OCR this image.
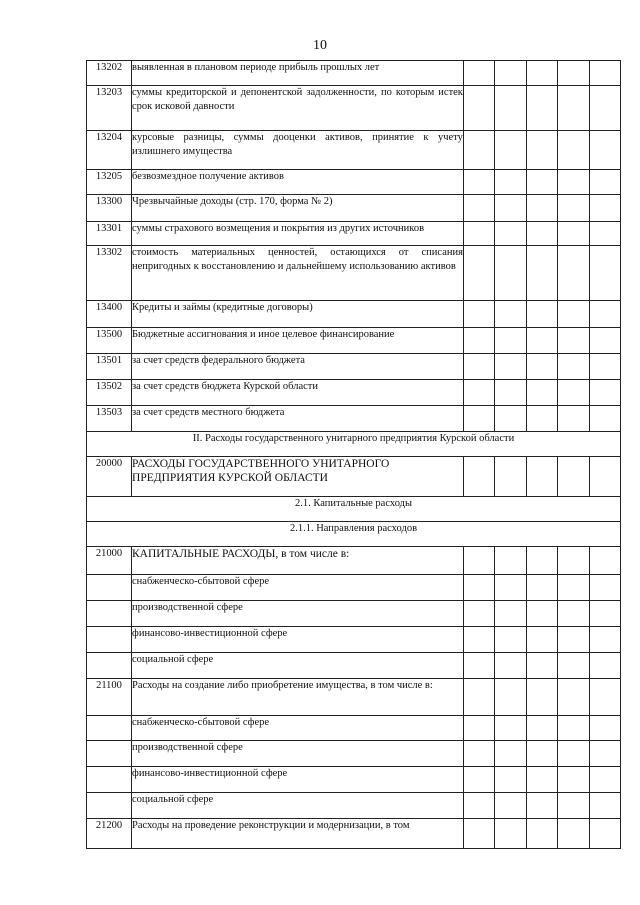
10
13202	выявленная в плановом периоде прибыль прошлых лет					

13203	суммы кредиторской и депонентской задолженности, по которым истек срок исковой давности					

13204	курсовые разницы, суммы дооценки активов, принятие к учету излишнего имущества					

13205	безвозмездное получение активов					

13300	Чрезвычайные доходы (стр. 170, форма № 2)					

13301	суммы страхового возмещения и покрытия из других источников					

13302	стоимость материальных ценностей, остающихся от списания непригодных к восстановлению и дальнейшему использованию активов					

13400	Кредиты и займы (кредитные договоры)					

13500	Бюджетные ассигнования и иное целевое финансирование					

13501	за счет средств федерального бюджета					

13502	за счет средств бюджета Курской области					

13503	за счет средств местного бюджета					

II. Расходы государственного унитарного предприятия Курской области						
20000	РАСХОДЫ ГОСУДАРСТВЕННОГО УНИТАРНОГО ПРЕДПРИЯТИЯ КУРСКОЙ ОБЛАСТИ					

2.1. Капитальные расходы						
2.1.1. Направления расходов						
21000	КАПИТАЛЬНЫЕ РАСХОДЫ, в том числе в:					

	снабженческо-сбытовой сфере					

	производственной сфере					

	финансово-инвестиционной сфере					

	социальной сфере					

21100	Расходы на создание либо приобретение имущества, в том числе в:					

	снабженческо-сбытовой сфере					

	производственной сфере					

	финансово-инвестиционной сфере					

	социальной сфере					

21200	Расходы на проведение реконструкции и модернизации, в том					
